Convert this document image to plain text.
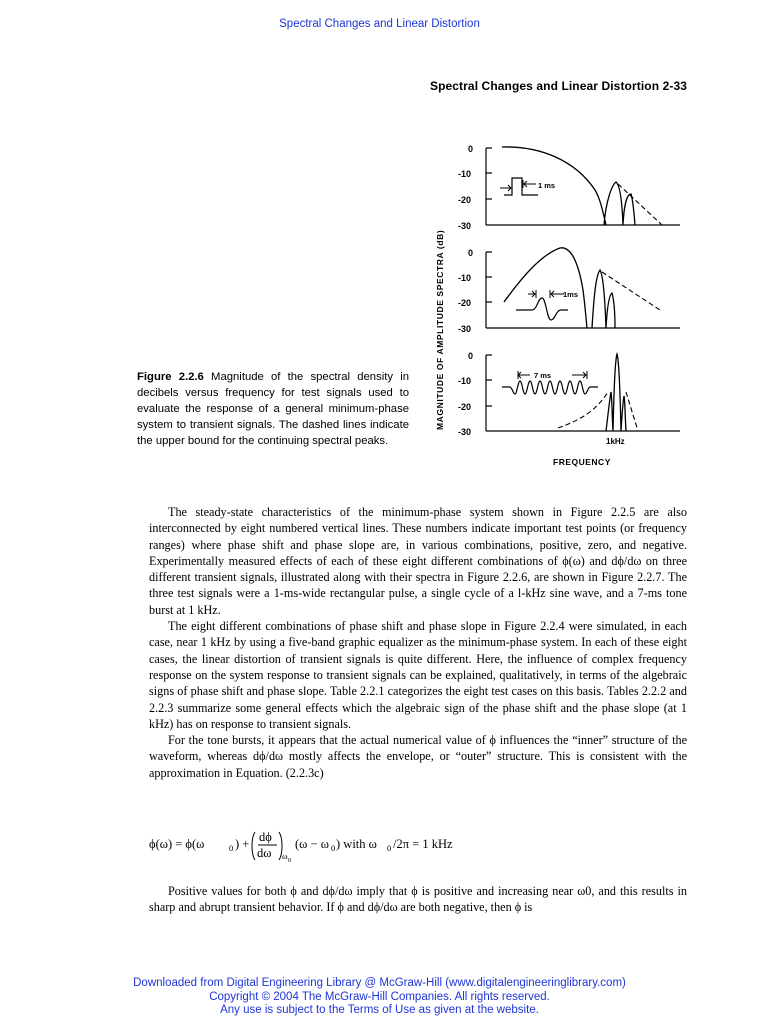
Spectral Changes and Linear Distortion
Spectral Changes and Linear Distortion 2-33
MAGNITUDE OF AMPLITUDE SPECTRA (dB)
0
-10
-20
-30
1 ms
0
-10
-20
-30
1ms
0
-10
-20
-30
7 ms
1kHz
FREQUENCY
Figure 2.2.6 Magnitude of the spectral density in decibels versus frequency for test signals used to evaluate the response of a general minimum-phase system to transient signals. The dashed lines indicate the upper bound for the continuing spectral peaks.

The steady-state characteristics of the minimum-phase system shown in Figure 2.2.5 are also interconnected by eight numbered vertical lines. These numbers indicate important test points (or frequency ranges) where phase shift and phase slope are, in various combinations, positive, zero, and negative. Experimentally measured effects of each of these eight different combinations of ϕ(ω) and dϕ/dω on three different transient signals, illustrated along with their spectra in Figure 2.2.6, are shown in Figure 2.2.7. The three test signals were a 1-ms-wide rectangular pulse, a single cycle of a l-kHz sine wave, and a 7-ms tone burst at 1 kHz.

The eight different combinations of phase shift and phase slope in Figure 2.2.4 were simulated, in each case, near 1 kHz by using a five-band graphic equalizer as the minimum-phase system. In each of these eight cases, the linear distortion of transient signals is quite different. Here, the influence of complex frequency response on the system response to transient signals can be explained, qualitatively, in terms of the algebraic signs of phase shift and phase slope. Table 2.2.1 categorizes the eight test cases on this basis. Tables 2.2.2 and 2.2.3 summarize some general effects which the algebraic sign of the phase shift and the phase slope (at 1 kHz) has on response to transient signals.

For the tone bursts, it appears that the actual numerical value of ϕ influences the “inner” structure of the waveform, whereas dϕ/dω mostly affects the envelope, or “outer” structure. This is consistent with the approximation in Equation. (2.2.3c)

ϕ(ω) = ϕ(ω	0 ) + dϕ
dω ω 0
(ω − ω 0 ) with ω 0 /2π = 1 kHz

Positive values for both ϕ and dϕ/dω imply that ϕ is positive and increasing near ω0, and this results in sharp and abrupt transient behavior. If ϕ and dϕ/dω are both negative, then ϕ is

Downloaded from Digital Engineering Library @ McGraw-Hill (www.digitalengineeringlibrary.com)
Copyright © 2004 The McGraw-Hill Companies. All rights reserved.
Any use is subject to the Terms of Use as given at the website.
